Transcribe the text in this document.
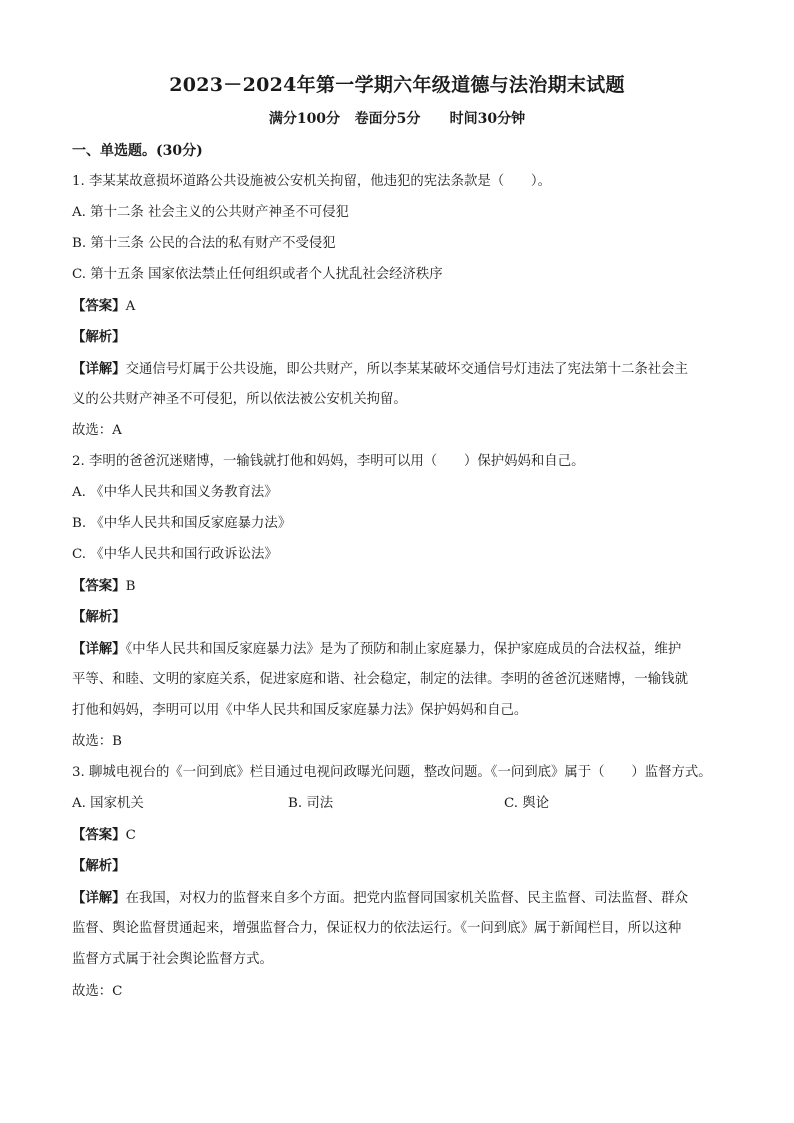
2023－2024年第一学期六年级道德与法治期末试题
满分100分   卷面分5分      时间30分钟
一、单选题。(30分)
1. 李某某故意损坏道路公共设施被公安机关拘留，他违犯的宪法条款是（　　）。
A. 第十二条 社会主义的公共财产神圣不可侵犯
B. 第十三条 公民的合法的私有财产不受侵犯
C. 第十五条 国家依法禁止任何组织或者个人扰乱社会经济秩序
【答案】A
【解析】
【详解】交通信号灯属于公共设施，即公共财产，所以李某某破坏交通信号灯违法了宪法第十二条社会主
义的公共财产神圣不可侵犯，所以依法被公安机关拘留。
故选：A
2. 李明的爸爸沉迷赌博，一输钱就打他和妈妈，李明可以用（　　）保护妈妈和自己。
A. 《中华人民共和国义务教育法》
B. 《中华人民共和国反家庭暴力法》
C. 《中华人民共和国行政诉讼法》
【答案】B
【解析】
【详解】《中华人民共和国反家庭暴力法》是为了预防和制止家庭暴力，保护家庭成员的合法权益，维护
平等、和睦、文明的家庭关系，促进家庭和谐、社会稳定，制定的法律。李明的爸爸沉迷赌博，一输钱就
打他和妈妈，李明可以用《中华人民共和国反家庭暴力法》保护妈妈和自己。
故选：B
3. 聊城电视台的《一问到底》栏目通过电视问政曝光问题，整改问题。《一问到底》属于（　　）监督方式。
A. 国家机关	B. 司法	C. 舆论
【答案】C
【解析】
【详解】在我国，对权力的监督来自多个方面。把党内监督同国家机关监督、民主监督、司法监督、群众
监督、舆论监督贯通起来，增强监督合力，保证权力的依法运行。《一问到底》属于新闻栏目，所以这种
监督方式属于社会舆论监督方式。
故选：C
